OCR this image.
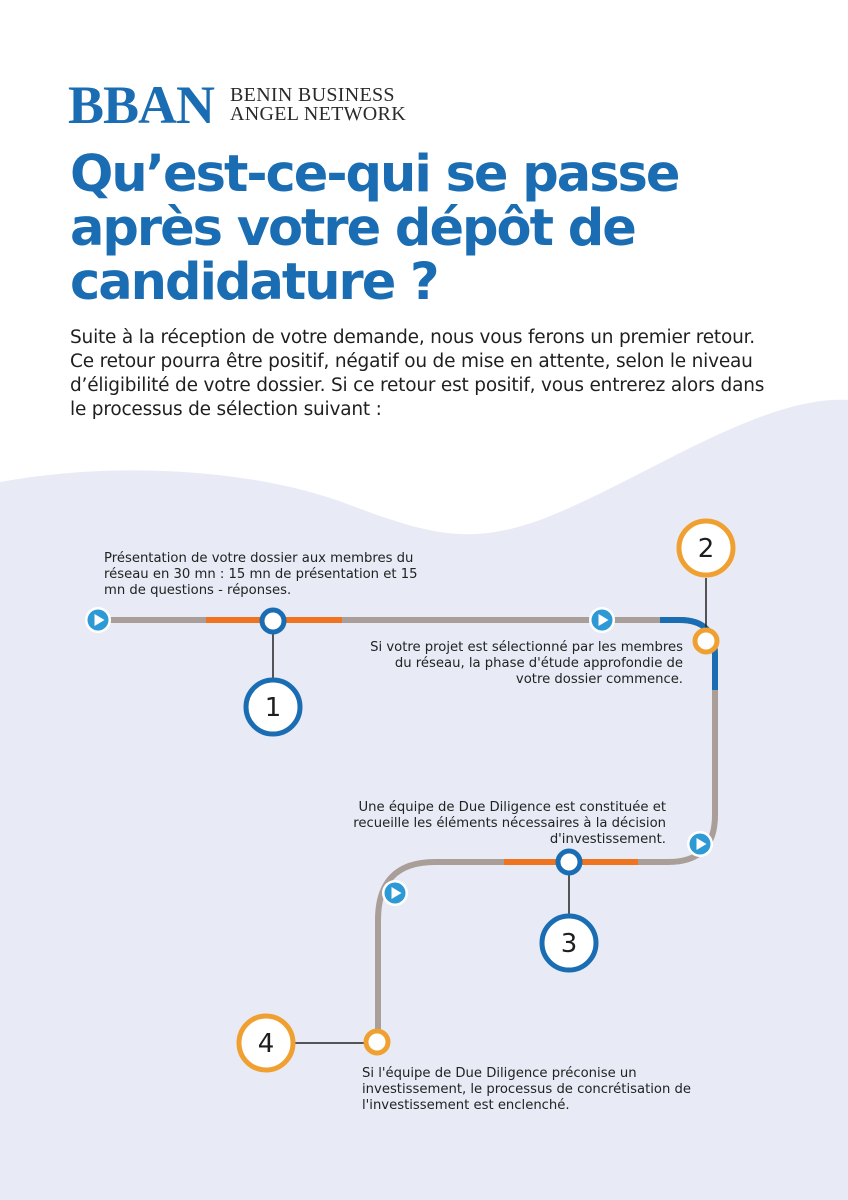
BBAN BENIN BUSINESS
ANGEL NETWORK
Qu’est-ce-qui se passe après votre dépôt de candidature ?

Suite à la réception de votre demande, nous vous ferons un premier retour. Ce retour pourra être positif, négatif ou de mise en attente, selon le niveau d’éligibilité de votre dossier. Si ce retour est positif, vous entrerez alors dans le processus de sélection suivant :

1
2
3
4

Présentation de votre dossier aux membres du réseau en 30 mn : 15 mn de présentation et 15 mn de questions - réponses.

Si votre projet est sélectionné par les membres du réseau, la phase d'étude approfondie de votre dossier commence.

Une équipe de Due Diligence est constituée et recueille les éléments nécessaires à la décision d'investissement.

Si l'équipe de Due Diligence préconise un investissement, le processus de concrétisation de l'investissement est enclenché.
